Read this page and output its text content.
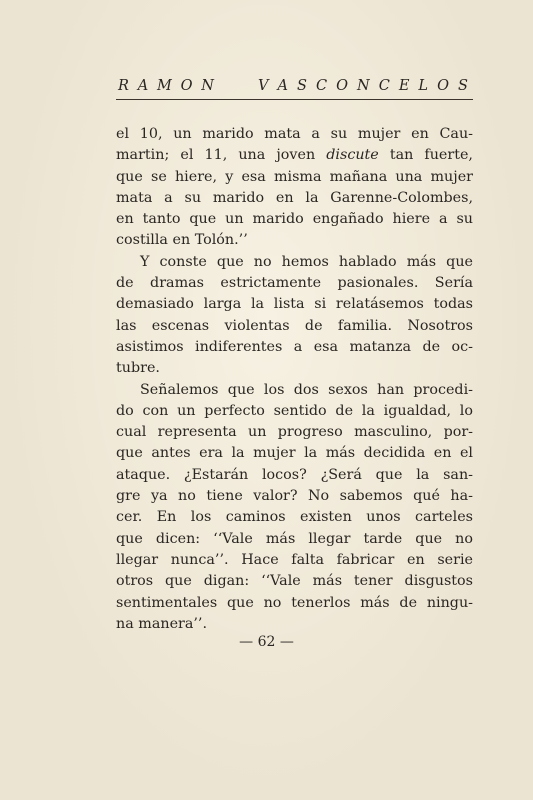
R A M O N	V A S C O N C E L O S

el 10, un marido mata a su mujer en Cau-
martin; el 11, una joven discute tan fuerte,
que se hiere, y esa misma mañana una mujer
mata a su marido en la Garenne-Colombes,
en tanto que un marido engañado hiere a su
costilla en Tolón.’’

Y conste que no hemos hablado más que
de dramas estrictamente pasionales. Sería
demasiado larga la lista si relatásemos todas
las escenas violentas de familia. Nosotros
asistimos indiferentes a esa matanza de oc-
tubre.

Señalemos que los dos sexos han procedi-
do con un perfecto sentido de la igualdad, lo
cual representa un progreso masculino, por-
que antes era la mujer la más decidida en el
ataque. ¿Estarán locos? ¿Será que la san-
gre ya no tiene valor? No sabemos qué ha-
cer. En los caminos existen unos carteles
que dicen: ‘‘Vale más llegar tarde que no
llegar nunca’’. Hace falta fabricar en serie
otros que digan: ‘‘Vale más tener disgustos
sentimentales que no tenerlos más de ningu-
na manera’’.

— 62 —
